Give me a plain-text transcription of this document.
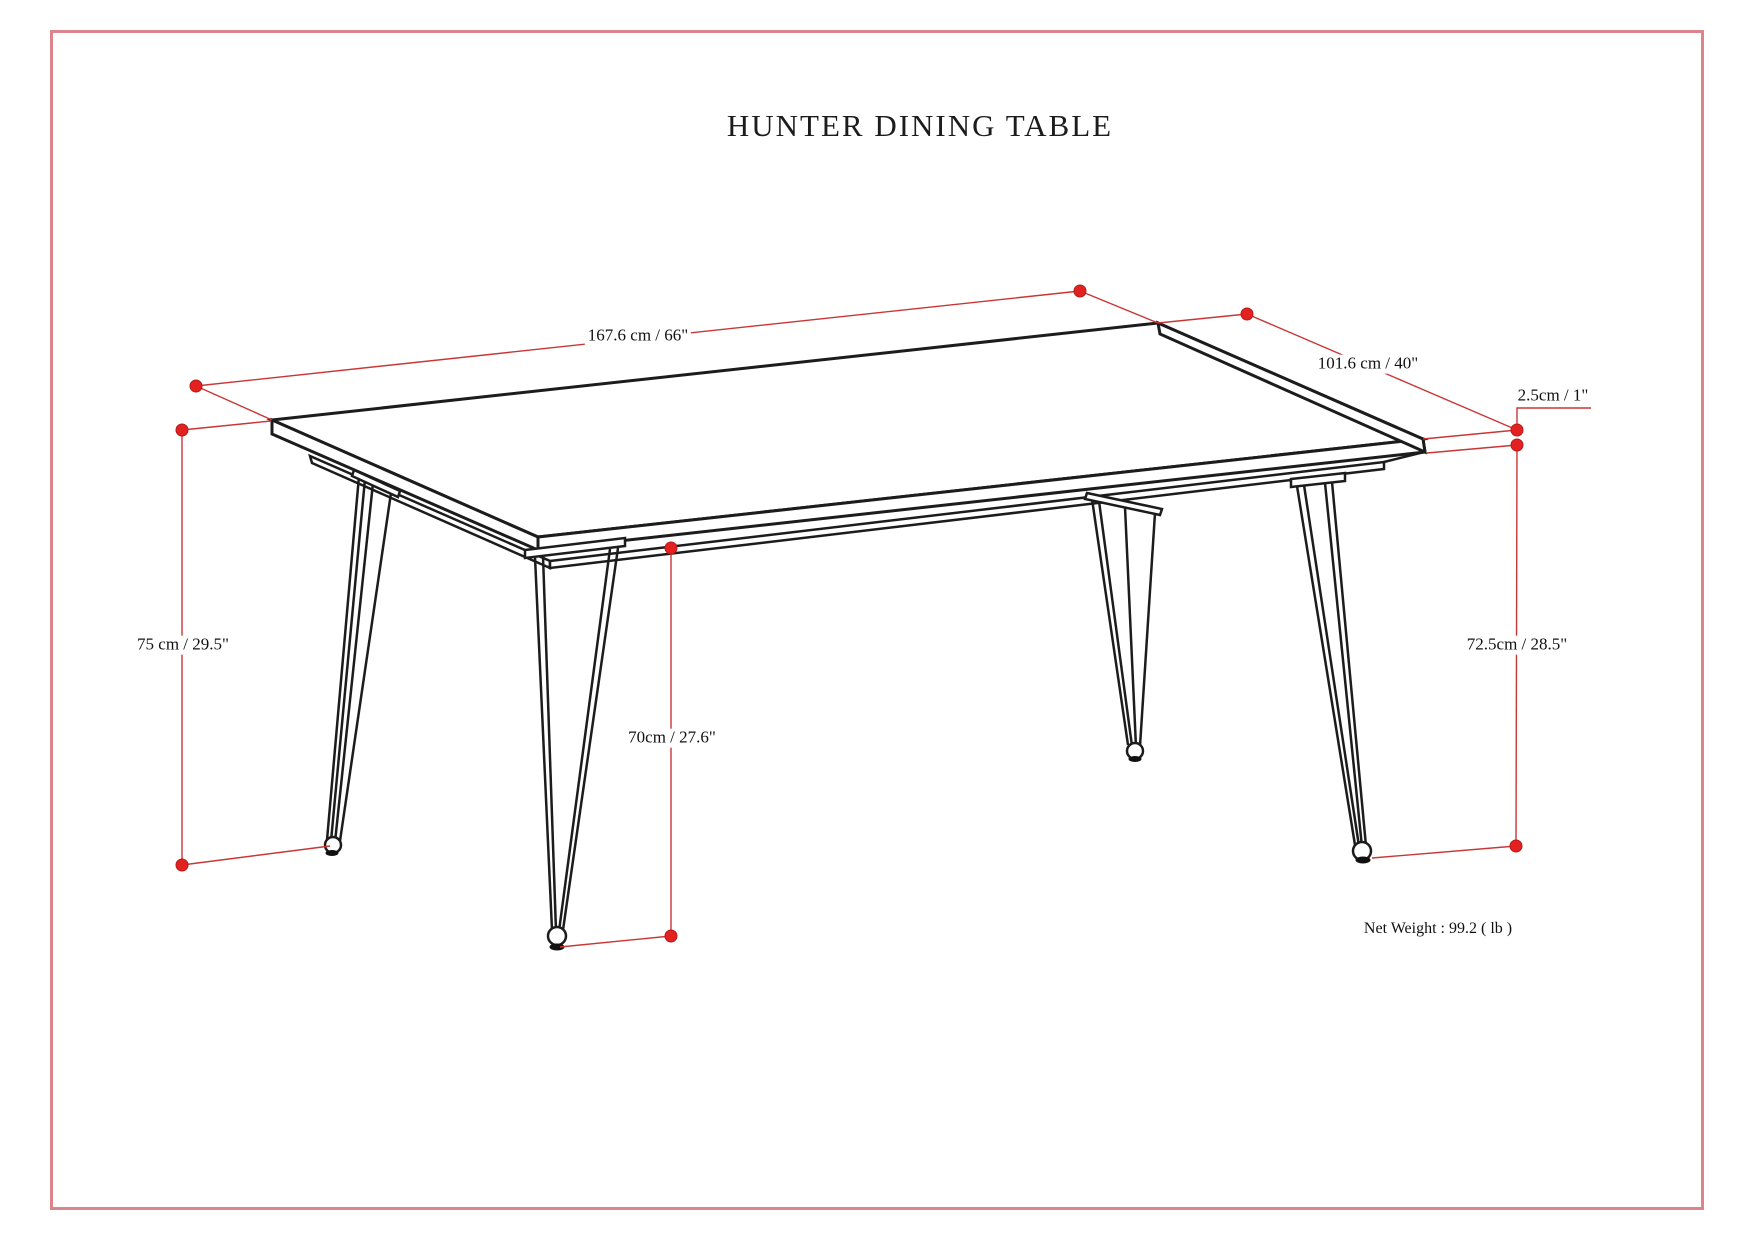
HUNTER DINING TABLE
167.6 cm / 66"
101.6 cm / 40"
2.5cm / 1"
75 cm / 29.5"
70cm / 27.6"
72.5cm / 28.5"
Net Weight : 99.2 ( lb )
